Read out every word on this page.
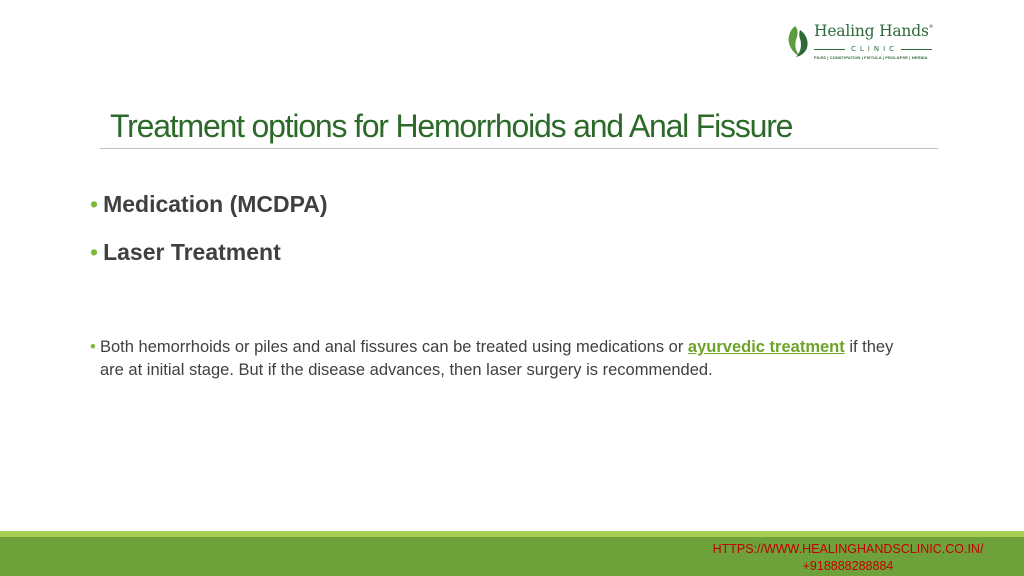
Healing Hands®
CLINIC
PILES | CONSTIPATION | FISTULA | PROLAPSE | HERNIA
Treatment options for Hemorrhoids and Anal Fissure
• Medication (MCDPA)
• Laser Treatment
• Both hemorrhoids or piles and anal fissures can be treated using medications or ayurvedic treatment if they are at initial stage. But if the disease advances, then laser surgery is recommended.
HTTPS://WWW.HEALINGHANDSCLINIC.CO.IN/
+918888288884
